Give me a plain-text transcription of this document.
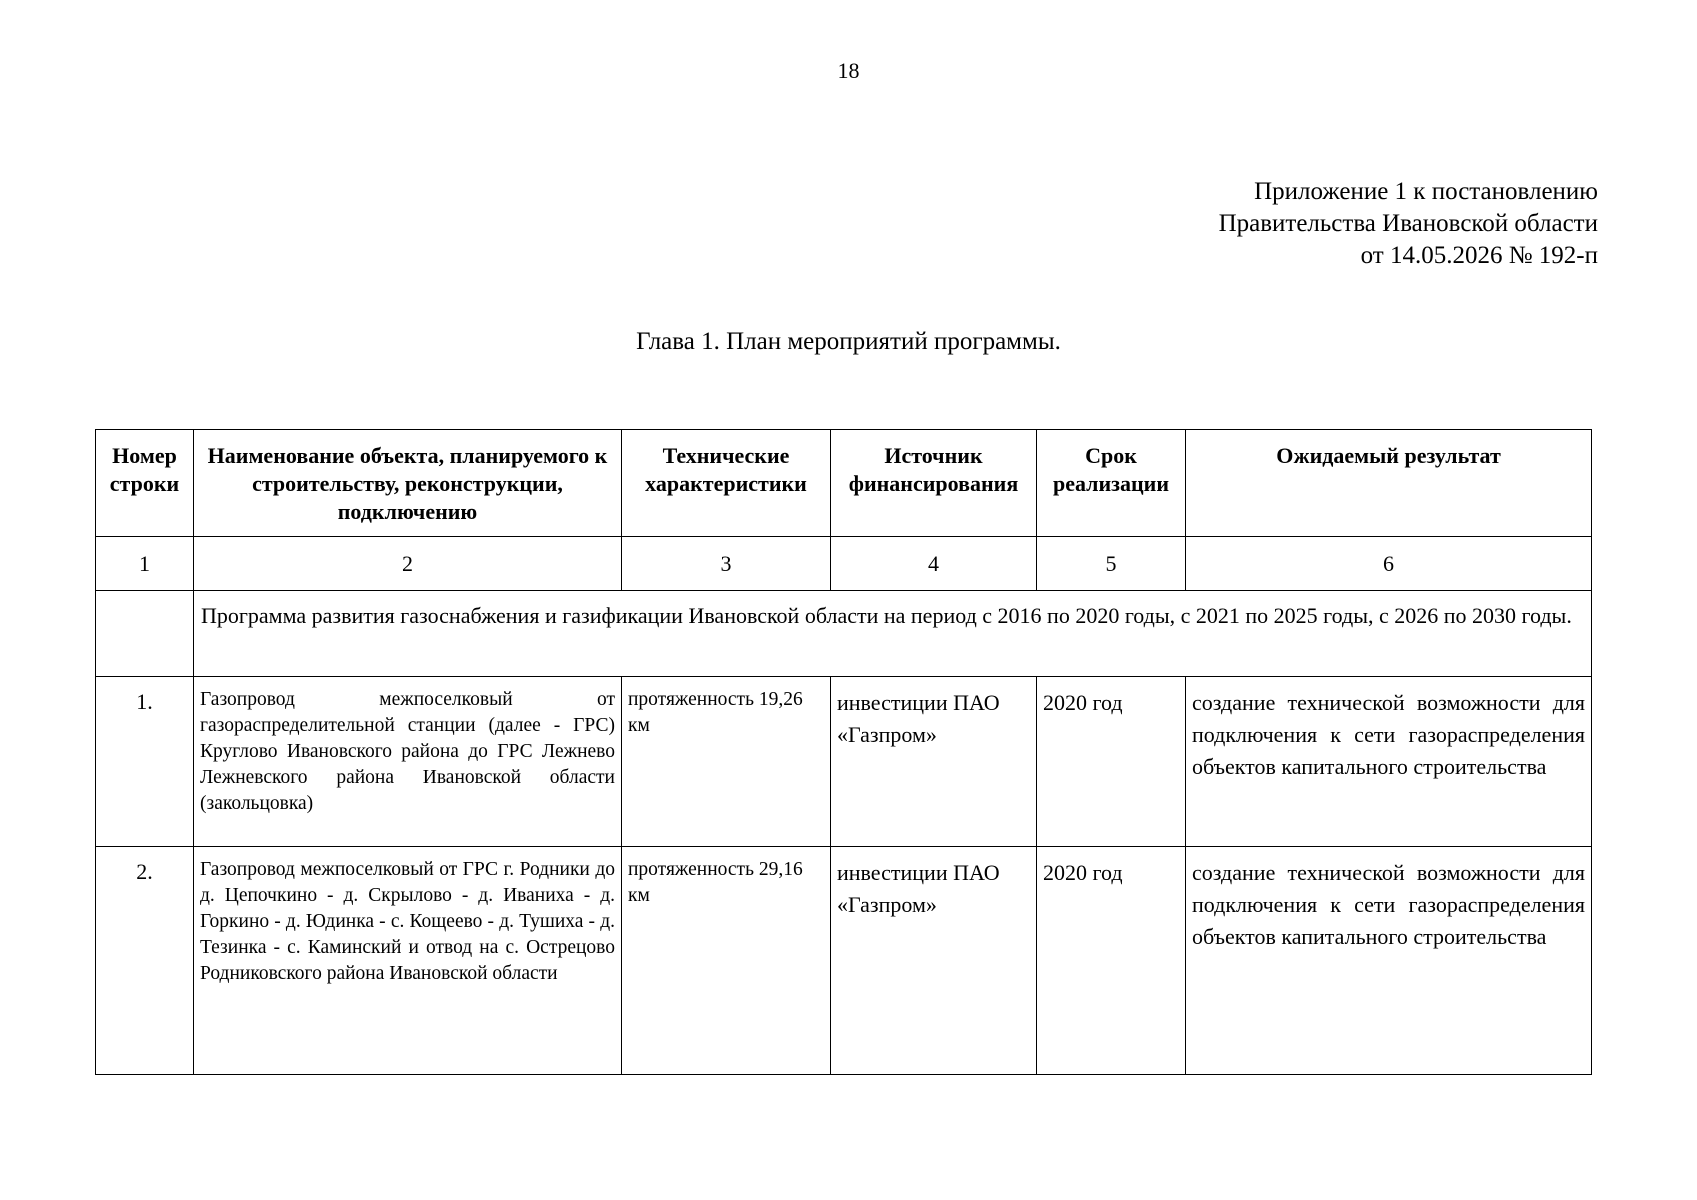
18
Приложение 1 к постановлению
Правительства Ивановской области
от 14.05.2026 № 192-п
Глава 1. План мероприятий программы.
Номер строки	Наименование объекта, планируемого к строительству, реконструкции, подключению	Технические характеристики	Источник финансирования	Срок реализации	Ожидаемый результат
1	2	3	4	5	6
	Программа развития газоснабжения и газификации Ивановской области на период с 2016 по 2020 годы, с 2021 по 2025 годы, с 2026 по 2030 годы.				
1.	Газопровод межпоселковый от газораспределительной станции (далее - ГРС) Круглово Ивановского района до ГРС Лежнево Лежневского района Ивановской области (закольцовка)	протяженность 19,26 км	инвестиции ПАО «Газпром»	2020 год	создание технической возможности для подключения к сети газораспределения объектов капитального строительства
2.	Газопровод межпоселковый от ГРС г. Родники до д. Цепочкино - д. Скрылово - д. Иваниха - д. Горкино - д. Юдинка - с. Кощеево - д. Тушиха - д. Тезинка - с. Каминский и отвод на с. Острецово Родниковского района Ивановской области	протяженность 29,16 км	инвестиции ПАО «Газпром»	2020 год	создание технической возможности для подключения к сети газораспределения объектов капитального строительства
